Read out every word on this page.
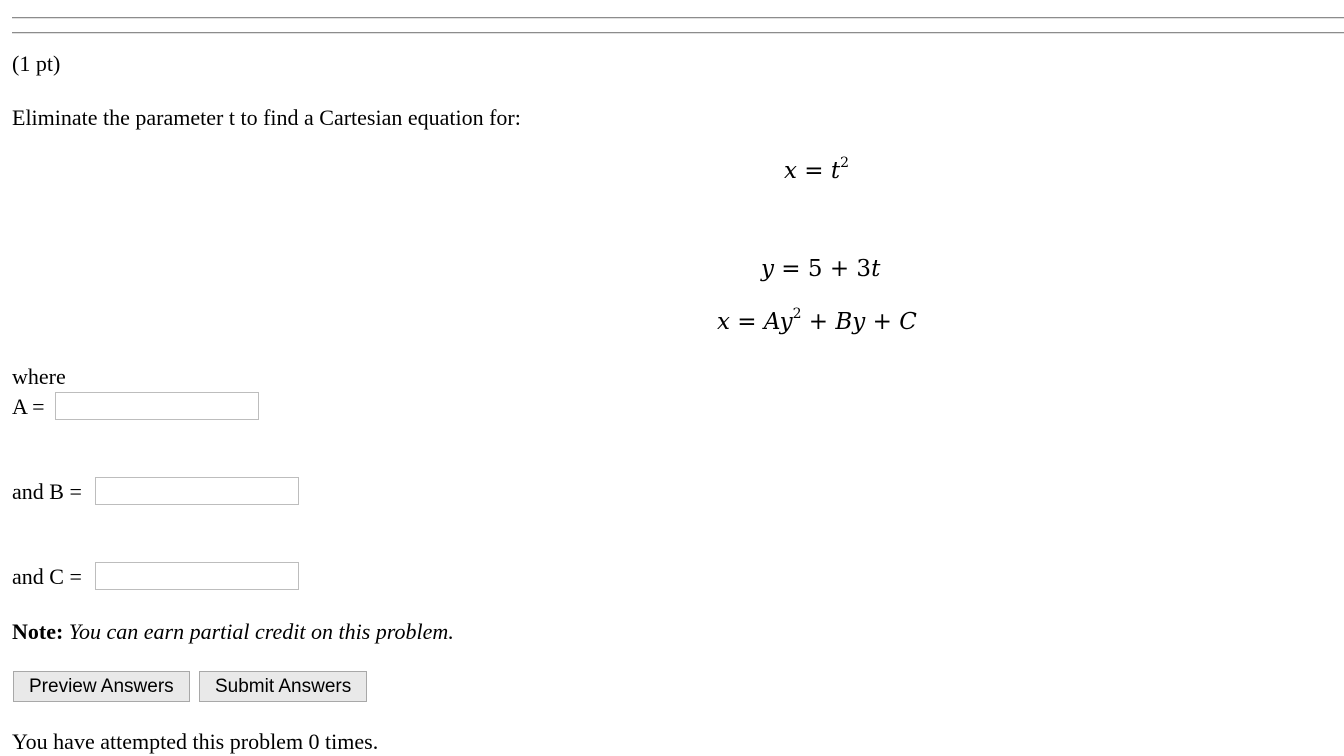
(1 pt)
Eliminate the parameter t to find a Cartesian equation for:
$x = t^2$
y = 5 + 3t
$x = Ay^2 + By + C$
where
A =
and B =
and C =
Note: You can earn partial credit on this problem.
Preview Answers	Submit Answers
You have attempted this problem 0 times.
